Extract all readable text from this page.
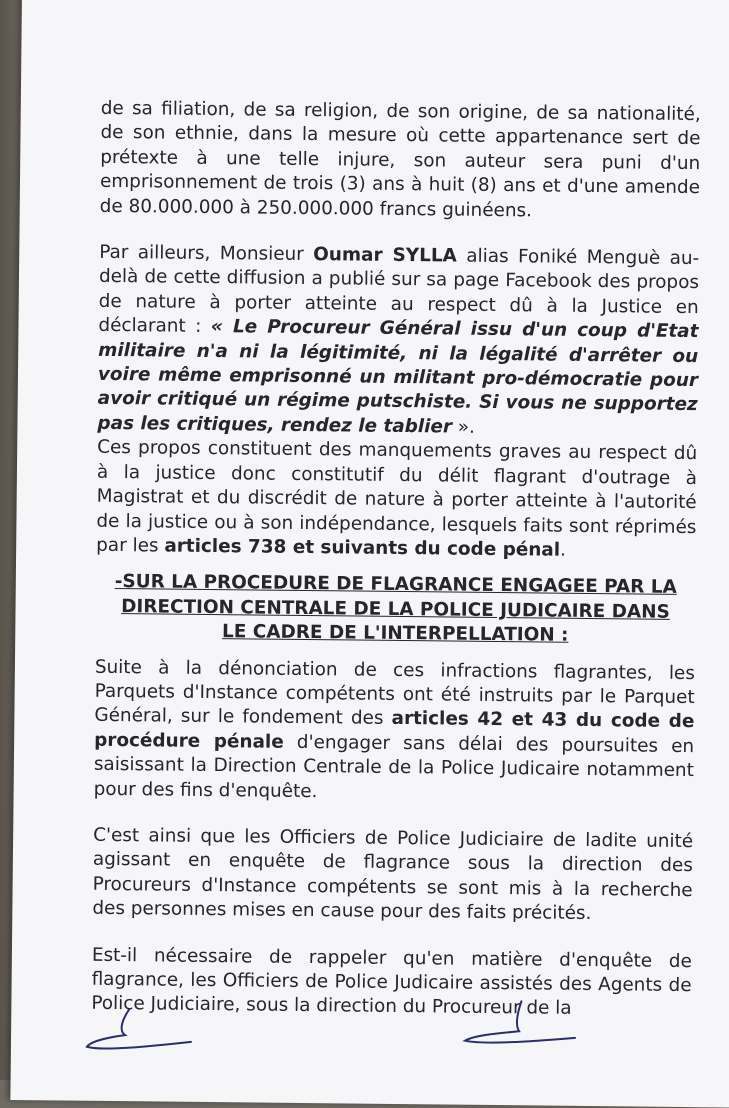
de sa filiation, de sa religion, de son origine, de sa nationalité, de son ethnie, dans la mesure où cette appartenance sert de prétexte à une telle injure, son auteur sera puni d'un emprisonnement de trois (3) ans à huit (8) ans et d'une amende de 80.000.000 à 250.000.000 francs guinéens.

Par ailleurs, Monsieur Oumar SYLLA alias Foniké Menguè au-delà de cette diffusion a publié sur sa page Facebook des propos de nature à porter atteinte au respect dû à la Justice en déclarant : « Le Procureur Général issu d'un coup d'Etat militaire n'a ni la légitimité, ni la légalité d'arrêter ou voire même emprisonné un militant pro-démocratie pour avoir critiqué un régime putschiste. Si vous ne supportez pas les critiques, rendez le tablier ».

Ces propos constituent des manquements graves au respect dû à la justice donc constitutif du délit flagrant d'outrage à Magistrat et du discrédit de nature à porter atteinte à l'autorité de la justice ou à son indépendance, lesquels faits sont réprimés par les articles 738 et suivants du code pénal.

-SUR LA PROCEDURE DE FLAGRANCE ENGAGEE PAR LA

DIRECTION CENTRALE DE LA POLICE JUDICAIRE DANS

LE CADRE DE L'INTERPELLATION :

Suite à la dénonciation de ces infractions flagrantes, les Parquets d'Instance compétents ont été instruits par le Parquet Général, sur le fondement des articles 42 et 43 du code de procédure pénale d'engager sans délai des poursuites en saisissant la Direction Centrale de la Police Judicaire notamment pour des fins d'enquête.

C'est ainsi que les Officiers de Police Judiciaire de ladite unité agissant en enquête de flagrance sous la direction des Procureurs d'Instance compétents se sont mis à la recherche des personnes mises en cause pour des faits précités.

Est-il nécessaire de rappeler qu'en matière d'enquête de flagrance, les Officiers de Police Judicaire assistés des Agents de Police Judiciaire, sous la direction du Procureur de la
